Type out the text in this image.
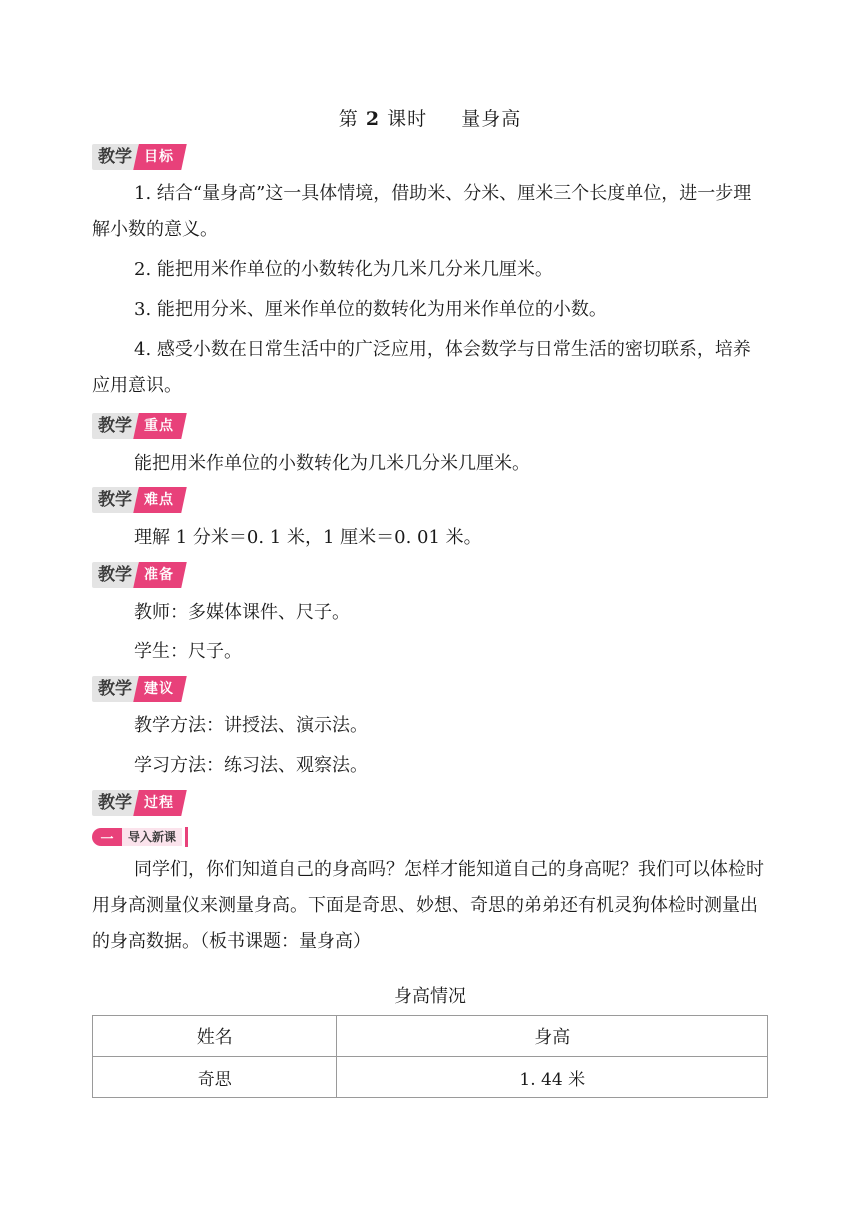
第 2 课时 量身高
教学 目标
1. 结合“量身高”这一具体情境，借助米、分米、厘米三个长度单位，进一步理解小数的意义。
2. 能把用米作单位的小数转化为几米几分米几厘米。
3. 能把用分米、厘米作单位的数转化为用米作单位的小数。
4. 感受小数在日常生活中的广泛应用，体会数学与日常生活的密切联系，培养应用意识。
教学 重点
能把用米作单位的小数转化为几米几分米几厘米。
教学 难点
理解 1 分米＝0. 1 米，1 厘米＝0. 01 米。
教学 准备
教师：多媒体课件、尺子。
学生：尺子。
教学 建议
教学方法：讲授法、演示法。
学习方法：练习法、观察法。
教学 过程
一	导入新课
同学们，你们知道自己的身高吗？怎样才能知道自己的身高呢？我们可以体检时用身高测量仪来测量身高。下面是奇思、妙想、奇思的弟弟还有机灵狗体检时测量出的身高数据。（板书课题：量身高）
身高情况
姓名	身高
奇思	1. 44 米
